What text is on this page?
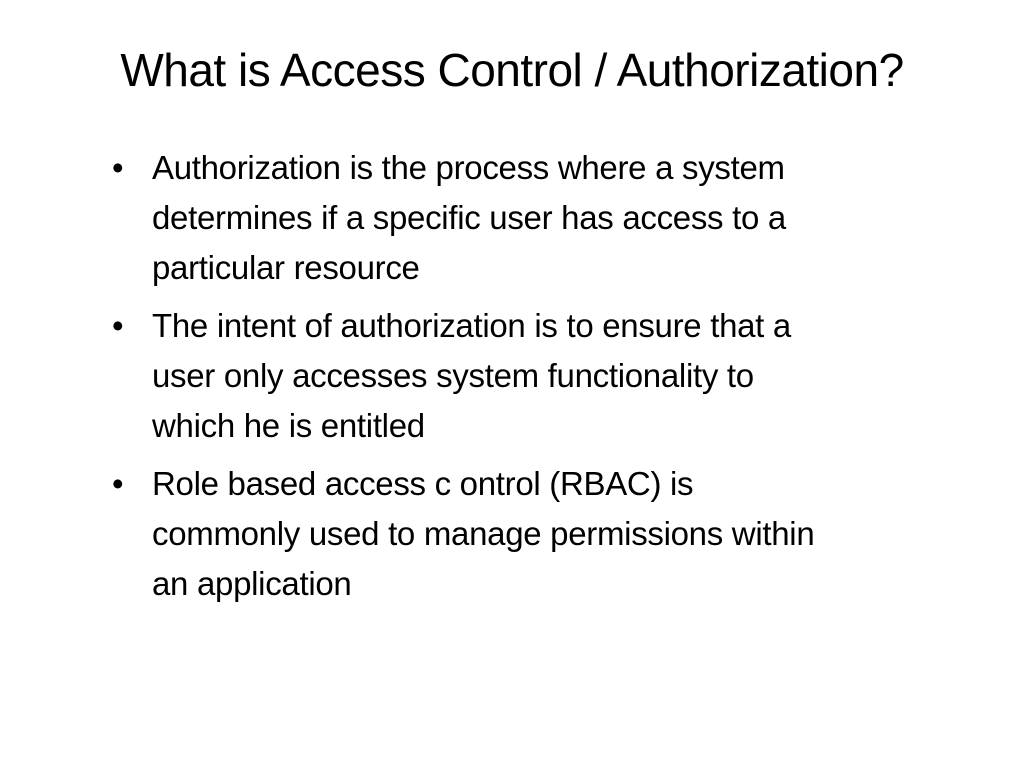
What is Access Control / Authorization?
• Authorization is the process where a system determines if a specific user has access to a particular resource
• The intent of authorization is to ensure that a user only accesses system functionality to which he is entitled
• Role based access c ontrol (RBAC) is commonly used to manage permissions within an application
